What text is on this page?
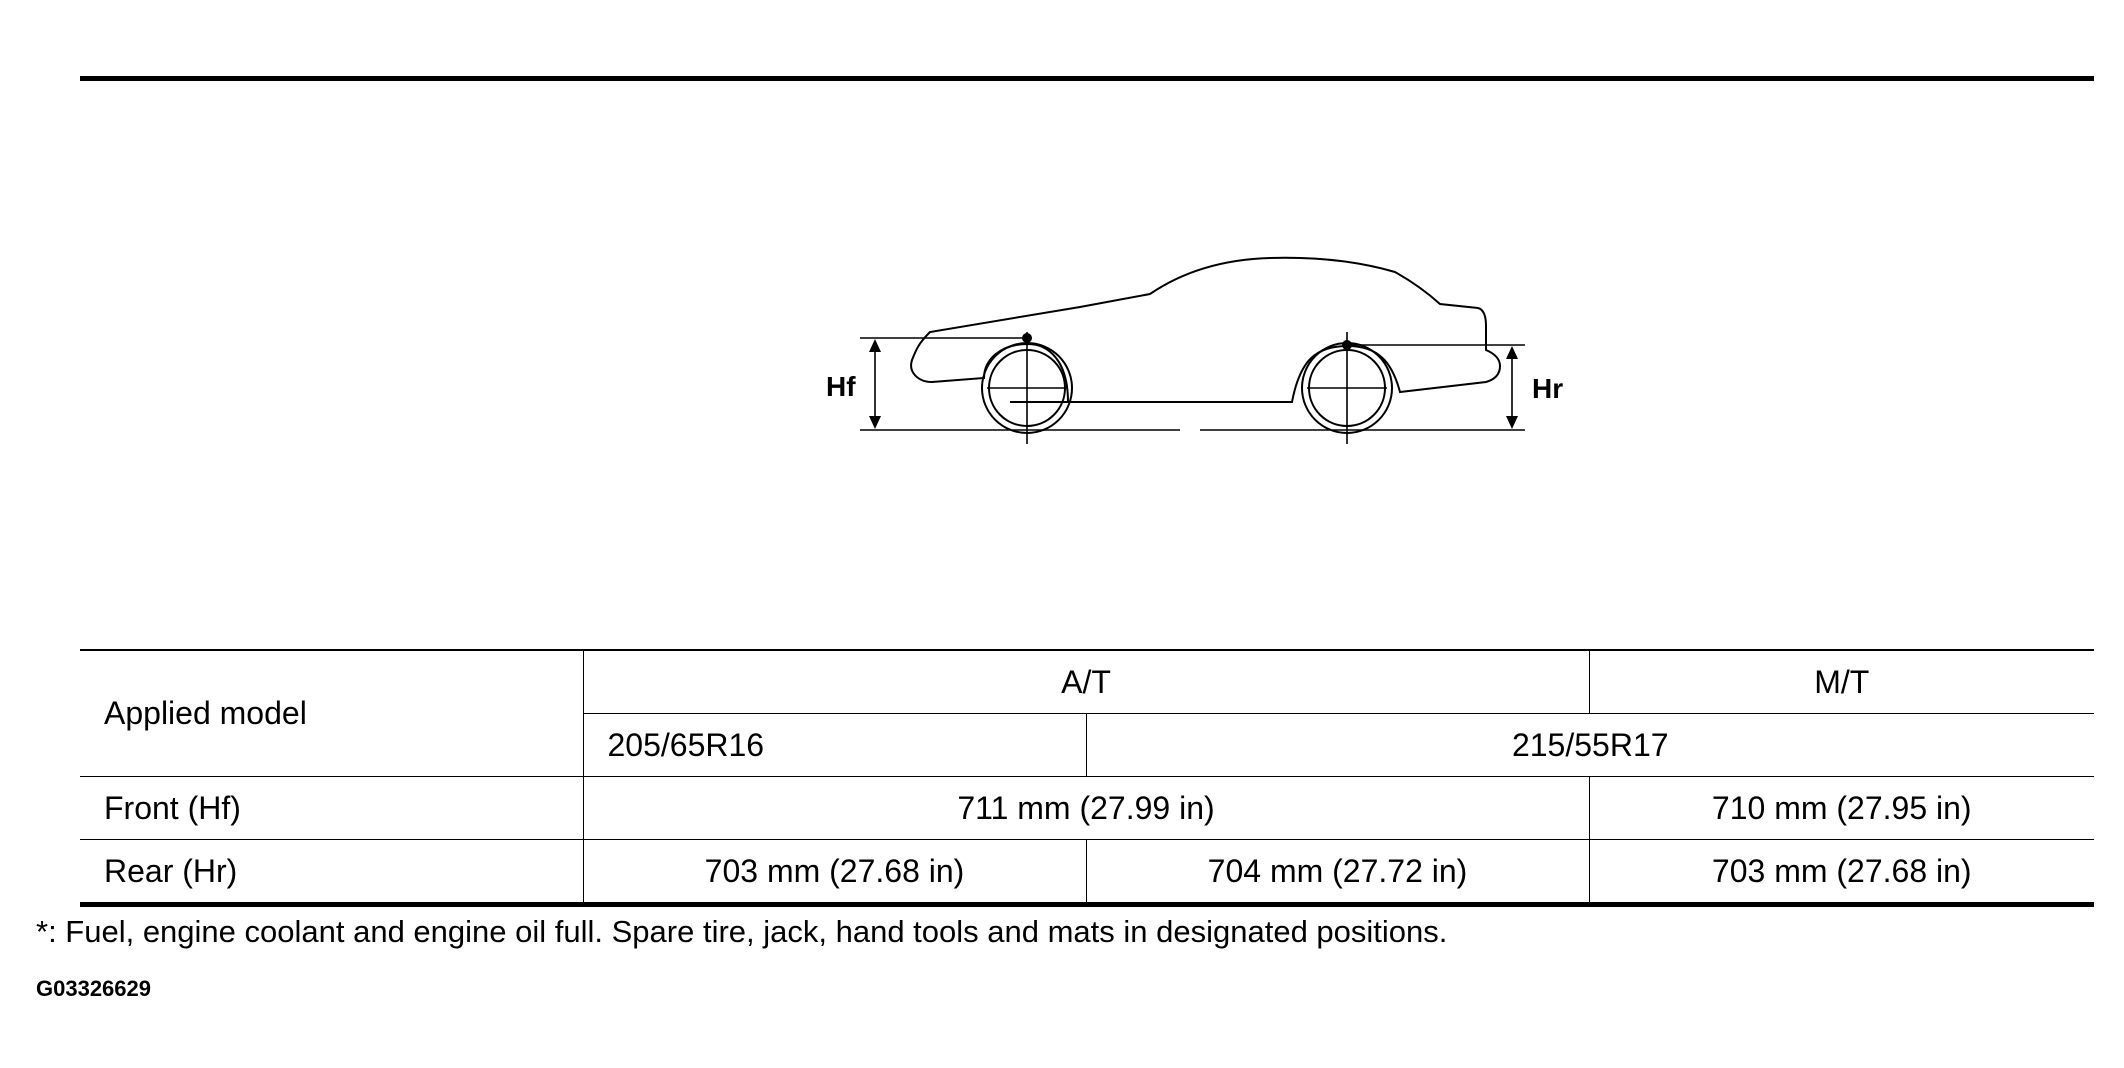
Hf	Hr
Applied model	A/T		M/T
	205/65R16	215/55R17	
Front (Hf)	711 mm (27.99 in)		710 mm (27.95 in)
Rear (Hr)	703 mm (27.68 in)	704 mm (27.72 in)	703 mm (27.68 in)
*: Fuel, engine coolant and engine oil full. Spare tire, jack, hand tools and mats in designated positions.
G03326629
